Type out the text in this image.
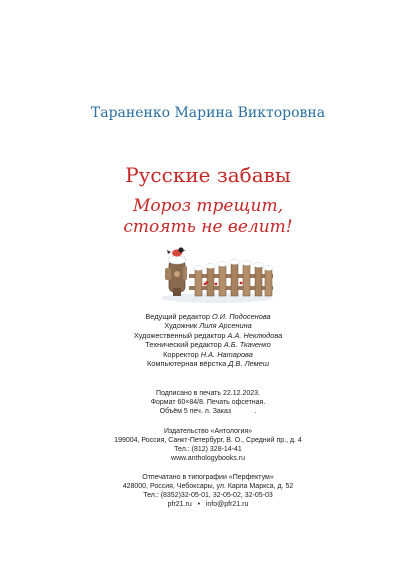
Тараненко Марина Викторовна
Русские забавы
Мороз трещит,
стоять не велит!
Ведущий редактор О.И. Подосенова
Художник Лиля Арсенина
Художественный редактор А.А. Неклюдова
Технический редактор А.Б. Ткаченко
Корректор Н.А. Натарова
Компьютерная вёрстка Д.В. Лемеш
Подписано в печать 22.12.2023.
Формат 60×84/8. Печать офсетная.
Объём 5 печ. л. Заказ            .
Издательство «Антология»
199004, Россия, Санкт-Петербург, В. О., Средний пр., д. 4
Тел.: (812) 328-14-41
www.anthologybooks.ru
Отпечатано в типографии «Перфектум»
428000, Россия, Чебоксары, ул. Карла Маркса, д. 52
Тел.: (8352)32-05-01, 32-05-02, 32-05-03
pfr21.ru   •   info@pfr21.ru
